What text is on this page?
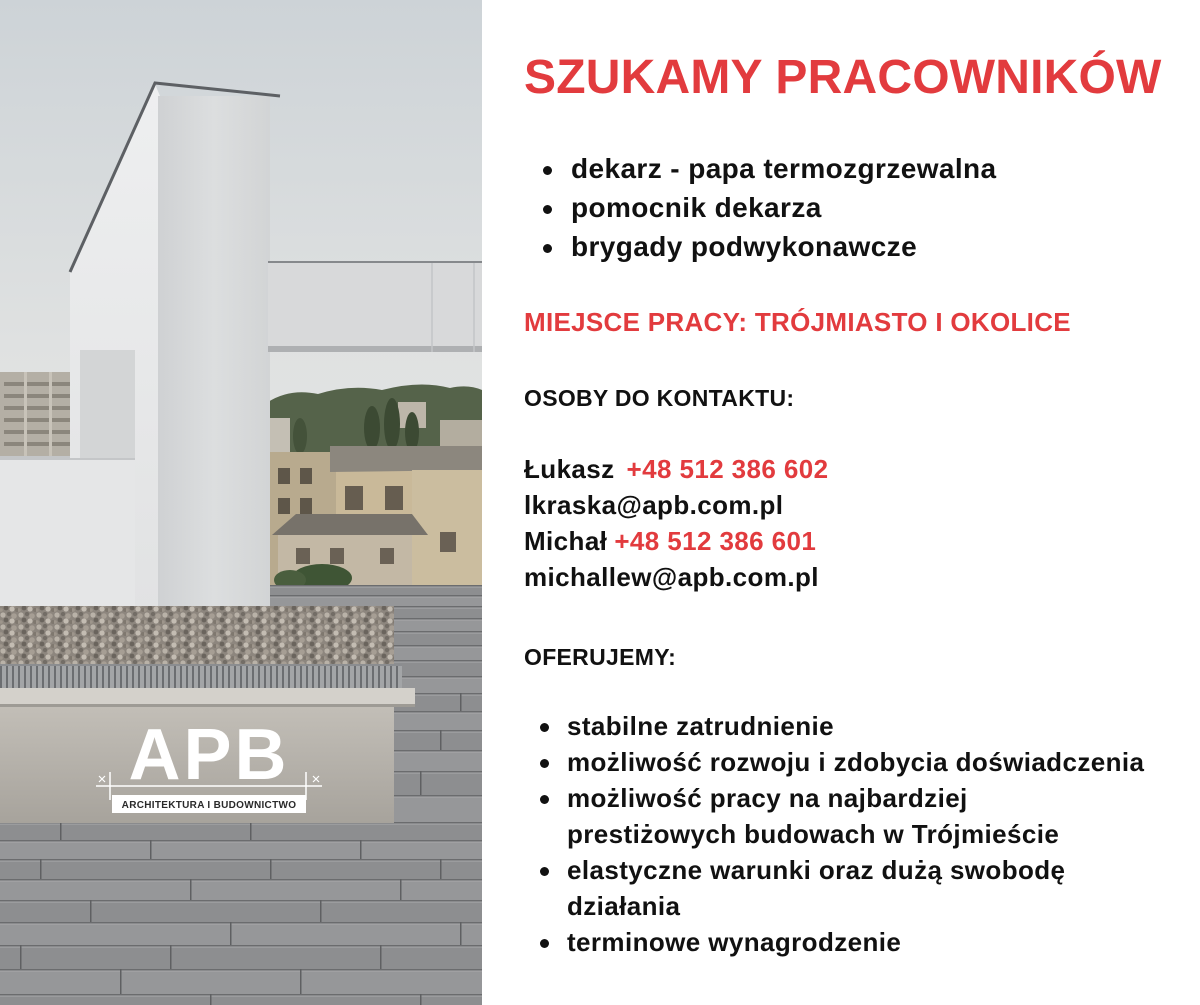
APB
ARCHITEKTURA I BUDOWNICTWO
SZUKAMY PRACOWNIKÓW
dekarz - papa termozgrzewalna
pomocnik dekarza
brygady podwykonawcze
MIEJSCE PRACY: TRÓJMIASTO I OKOLICE
OSOBY DO KONTAKTU:
Łukasz +48 512 386 602
lkraska@apb.com.pl
Michał +48 512 386 601
michallew@apb.com.pl
OFERUJEMY:
stabilne zatrudnienie
możliwość rozwoju i zdobycia doświadczenia
możliwość pracy na najbardziej
prestiżowych budowach w Trójmieście
elastyczne warunki oraz dużą swobodę
działania
terminowe wynagrodzenie
